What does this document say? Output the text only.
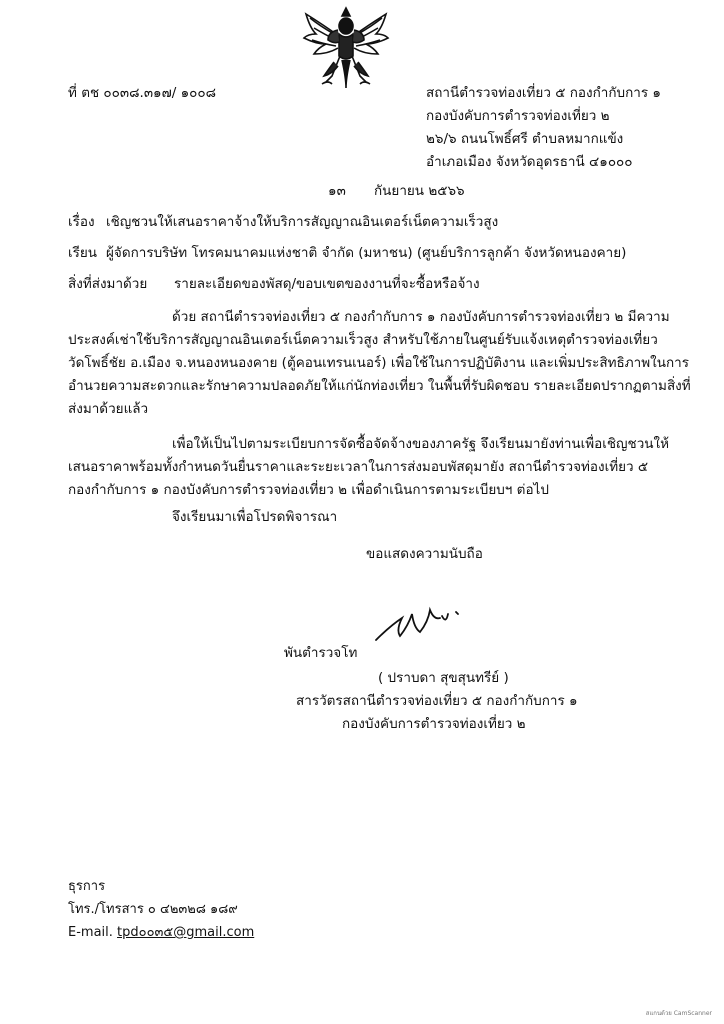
ที่ ตช ๐๐๓๘.๓๑๗/ ๑๐๐๘	สถานีตำรวจท่องเที่ยว ๕ กองกำกับการ ๑
กองบังคับการตำรวจท่องเที่ยว ๒
๒๖/๖ ถนนโพธิ์ศรี ตำบลหมากแข้ง
อำเภอเมือง จังหวัดอุดรธานี ๔๑๐๐๐
๑๓ กันยายน ๒๕๖๖
เรื่อง เชิญชวนให้เสนอราคาจ้างให้บริการสัญญาณอินเตอร์เน็ตความเร็วสูง
เรียน ผู้จัดการบริษัท โทรคมนาคมแห่งชาติ จำกัด (มหาชน) (ศูนย์บริการลูกค้า จังหวัดหนองคาย)
สิ่งที่ส่งมาด้วย รายละเอียดของพัสดุ/ขอบเขตของงานที่จะซื้อหรือจ้าง
ด้วย สถานีตำรวจท่องเที่ยว ๕ กองกำกับการ ๑ กองบังคับการตำรวจท่องเที่ยว ๒ มีความ
ประสงค์เช่าใช้บริการสัญญาณอินเตอร์เน็ตความเร็วสูง สำหรับใช้ภายในศูนย์รับแจ้งเหตุตำรวจท่องเที่ยว
วัดโพธิ์ชัย อ.เมือง จ.หนองหนองคาย (ตู้คอนเทรนเนอร์) เพื่อใช้ในการปฏิบัติงาน และเพิ่มประสิทธิภาพในการ
อำนวยความสะดวกและรักษาความปลอดภัยให้แก่นักท่องเที่ยว ในพื้นที่รับผิดชอบ รายละเอียดปรากฏตามสิ่งที่
ส่งมาด้วยแล้ว
เพื่อให้เป็นไปตามระเบียบการจัดซื้อจัดจ้างของภาครัฐ จึงเรียนมายังท่านเพื่อเชิญชวนให้
เสนอราคาพร้อมทั้งกำหนดวันยื่นราคาและระยะเวลาในการส่งมอบพัสดุมายัง สถานีตำรวจท่องเที่ยว ๕
กองกำกับการ ๑ กองบังคับการตำรวจท่องเที่ยว ๒ เพื่อดำเนินการตามระเบียบฯ ต่อไป
จึงเรียนมาเพื่อโปรดพิจารณา
ขอแสดงความนับถือ
พันตำรวจโท
( ปราบดา สุขสุนทรีย์ )
สารวัตรสถานีตำรวจท่องเที่ยว ๕ กองกำกับการ ๑
กองบังคับการตำรวจท่องเที่ยว ๒
ธุรการ
โทร./โทรสาร ๐ ๔๒๓๒๘ ๑๘๙
E-mail. tpd๐๐๓๕@gmail.com
สแกนด้วย CamScanner
